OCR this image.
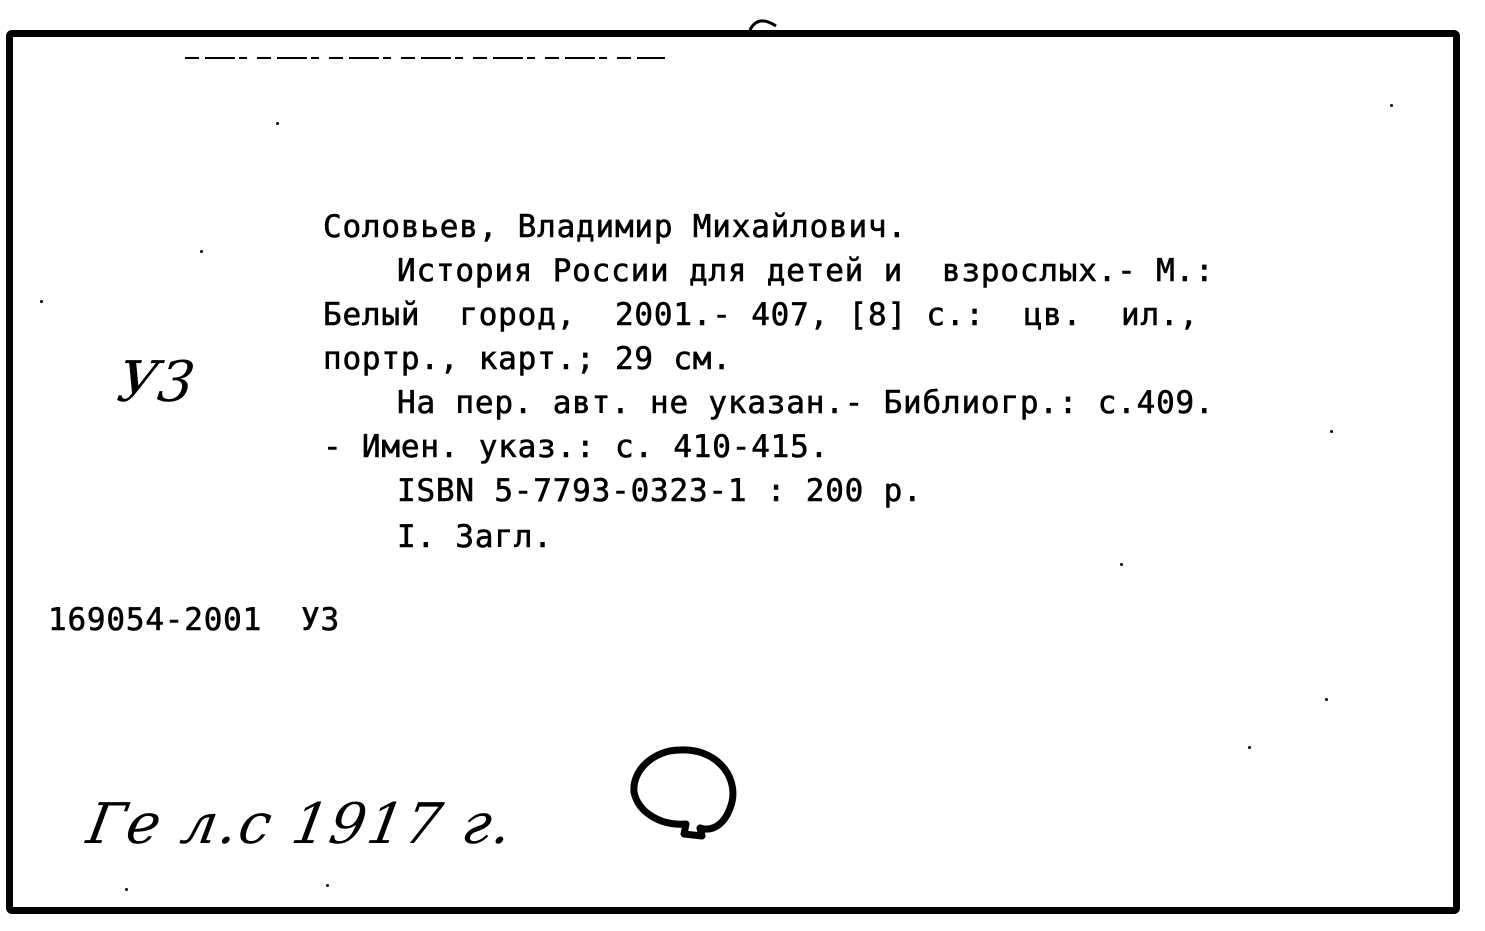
Соловьев, Владимир Михайлович.
История России для детей и  взрослых.- М.:
Белый  город,  2001.- 407, [8] с.:  цв.  ил.,
портр., карт.; 29 см.
На пер. авт. не указан.- Библиогр.: с.409.
- Имен. указ.: с. 410-415.
ISBN 5-7793-0323-1 : 200 р.
I. Загл.
169054-2001  У3
У3
Ге л.с 1917 г.
